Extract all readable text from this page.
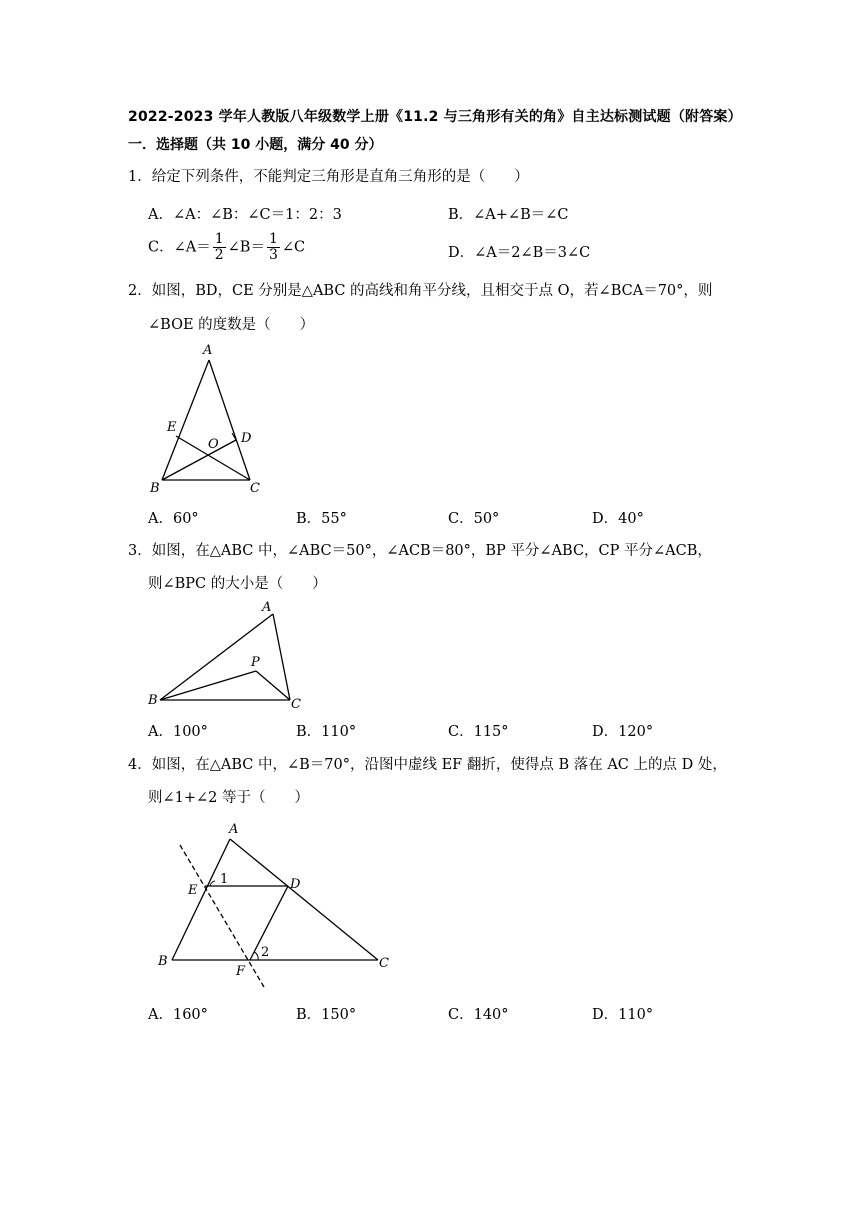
2022-2023 学年人教版八年级数学上册《11.2 与三角形有关的角》自主达标测试题（附答案）
一．选择题（共 10 小题，满分 40 分）
1．给定下列条件，不能判定三角形是直角三角形的是（　　）
A．∠A：∠B：∠C＝1：2：3	B．∠A+∠B＝∠C
C．∠A＝ $\frac{1}{2}$ ∠B＝ $\frac{1}{3}$ ∠C	D．∠A＝2∠B＝3∠C
2．如图，BD，CE 分别是△ABC 的高线和角平分线，且相交于点 O，若∠BCA＝70°，则
∠BOE 的度数是（　　）
A
B	C
D
E
O
A．60°	B．55°	C．50°	D．40°
3．如图，在△ABC 中，∠ABC＝50°，∠ACB＝80°，BP 平分∠ABC，CP 平分∠ACB，
则∠BPC 的大小是（　　）
A
B	C
P
A．100°	B．110°	C．115°	D．120°
4．如图，在△ABC 中，∠B＝70°，沿图中虚线 EF 翻折，使得点 B 落在 AC 上的点 D 处，
则∠1+∠2 等于（　　）
A
B	C
D
E
F
1
2
A．160°	B．150°	C．140°	D．110°
